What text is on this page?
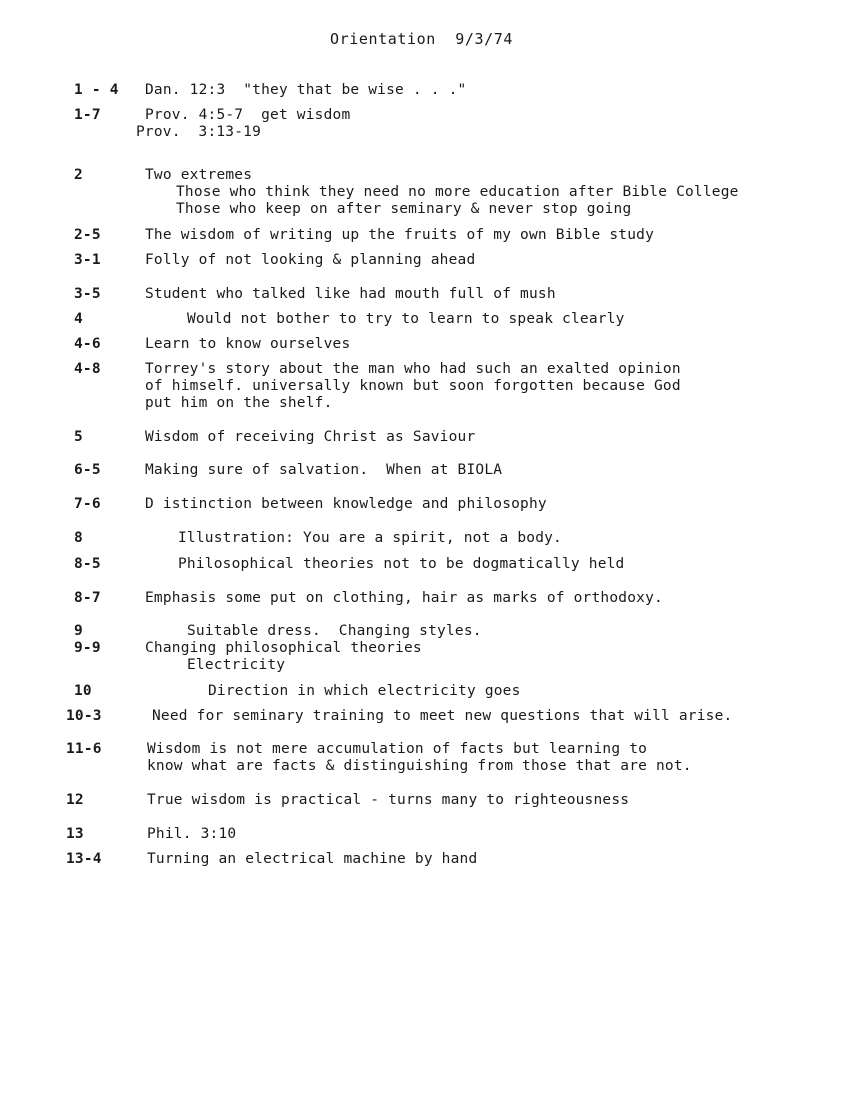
Orientation  9/3/74
1 - 4 Dan. 12:3  "they that be wise . . ."
1-7	Prov. 4:5-7  get wisdom
Prov.  3:13-19
2	Two extremes
Those who think they need no more education after Bible College
Those who keep on after seminary & never stop going
2-5	The wisdom of writing up the fruits of my own Bible study
3-1	Folly of not looking & planning ahead
3-5	Student who talked like had mouth full of mush
4	Would not bother to try to learn to speak clearly
4-6	Learn to know ourselves
4-8	Torrey's story about the man who had such an exalted opinion
of himself. universally known but soon forgotten because God
put him on the shelf.
5	Wisdom of receiving Christ as Saviour
6-5	Making sure of salvation.  When at BIOLA
7-6	D istinction between knowledge and philosophy
8	Illustration: You are a spirit, not a body.
8-5	Philosophical theories not to be dogmatically held
8-7	Emphasis some put on clothing, hair as marks of orthodoxy.
9	Suitable dress.  Changing styles.
9-9	Changing philosophical theories
Electricity
10	Direction in which electricity goes
10-3	Need for seminary training to meet new questions that will arise.
11-6	Wisdom is not mere accumulation of facts but learning to
know what are facts & distinguishing from those that are not.
12	True wisdom is practical - turns many to righteousness
13	Phil. 3:10
13-4	Turning an electrical machine by hand
